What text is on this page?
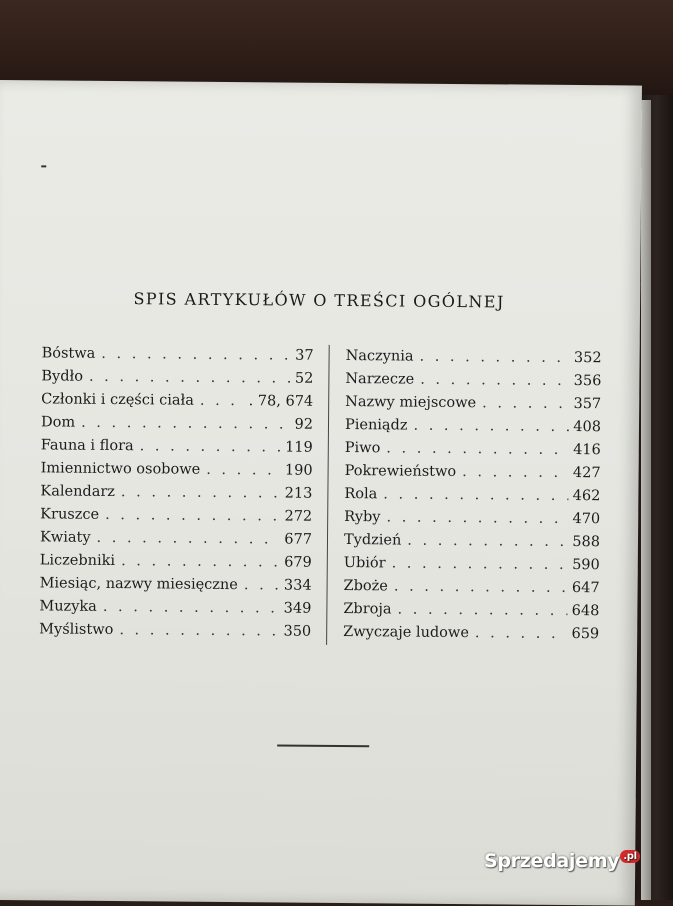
SPIS ARTYKUŁÓW O TREŚCI OGÓLNEJ
Bóstwa . . .	37
Bydło . . .	52
Członki i części ciała . . .	. 78, 674
Dom . . .	92
Fauna i flora . . .	119
Imiennictwo osobowe . . .	190
Kalendarz . . .	213
Kruszce . . .	272
Kwiaty . . .	677
Liczebniki . . .	679
Miesiąc, nazwy miesięczne . . .	334
Muzyka . . .	349
Myślistwo . . .	350
Naczynia . . .	352
Narzecze . . .	356
Nazwy miejscowe . . .	357
Pieniądz . . .	408
Piwo . . .	416
Pokrewieństwo . . .	427
Rola . . .	462
Ryby . . .	470
Tydzień . . .	588
Ubiór . . .	590
Zboże . . .	647
Zbroja . . .	648
Zwyczaje ludowe . . .	659
Sprzedajemy .pl
